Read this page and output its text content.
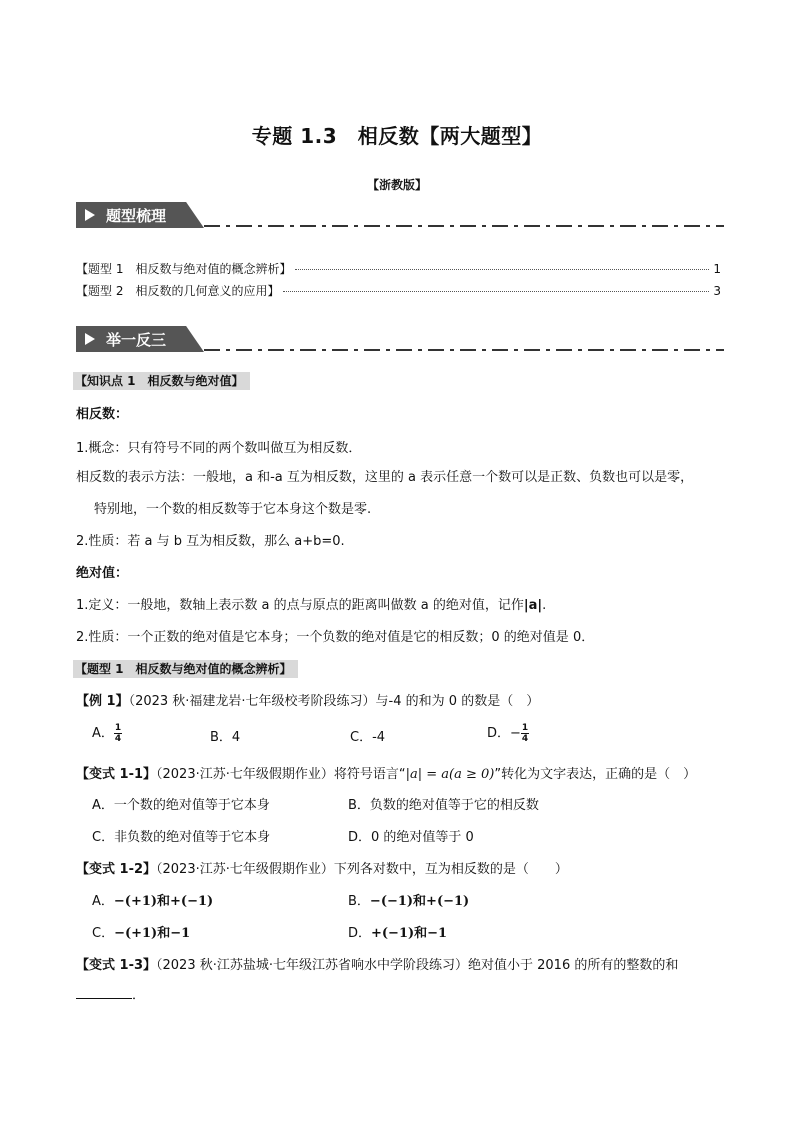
专题 1.3　相反数【两大题型】
【浙教版】
题型梳理
【题型 1　相反数与绝对值的概念辨析】	1
【题型 2　相反数的几何意义的应用】	3
举一反三
【知识点 1　相反数与绝对值】
相反数：
1.概念：只有符号不同的两个数叫做互为相反数．
相反数的表示方法：一般地，a 和-a 互为相反数，这里的 a 表示任意一个数可以是正数、负数也可以是零，
特别地，一个数的相反数等于它本身这个数是零.
2.性质：若 a 与 b 互为相反数，那么 a+b=0.
绝对值：
1.定义：一般地，数轴上表示数 a 的点与原点的距离叫做数 a 的绝对值，记作|a|.
2.性质：一个正数的绝对值是它本身；一个负数的绝对值是它的相反数；0 的绝对值是 0．
【题型 1　相反数与绝对值的概念辨析】
【例 1】（2023 秋·福建龙岩·七年级校考阶段练习）与-4 的和为 0 的数是（　）
A． $\frac{1}{4}$	B．4	C．-4	D．− $\frac{1}{4}$
【变式 1-1】（2023·江苏·七年级假期作业）将符号语言“|a| = a(a ≥ 0)”转化为文字表达，正确的是（　）
A．一个数的绝对值等于它本身	B．负数的绝对值等于它的相反数
C．非负数的绝对值等于它本身	D．0 的绝对值等于 0
【变式 1-2】（2023·江苏·七年级假期作业）下列各对数中，互为相反数的是（　　）
A．−(+1)和+(−1)	B．−(−1)和+(−1)
C．−(+1)和−1	D．+(−1)和−1
【变式 1-3】（2023 秋·江苏盐城·七年级江苏省响水中学阶段练习）绝对值小于 2016 的所有的整数的和
．
